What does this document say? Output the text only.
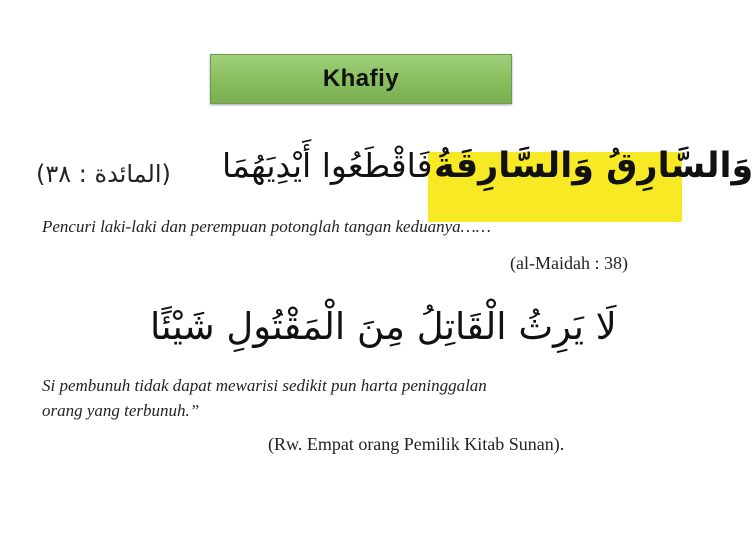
Khafiy
(المائدة : ٣٨) فَاقْطَعُوا أَيْدِيَهُمَا وَالسَّارِقُ وَالسَّارِقَةُ
Pencuri laki-laki dan perempuan potonglah tangan keduanya……
(al-Maidah : 38)
لَا يَرِثُ الْقَاتِلُ مِنَ الْمَقْتُولِ شَيْئًا
Si pembunuh tidak dapat mewarisi sedikit pun harta peninggalan
orang yang terbunuh.”
(Rw. Empat orang Pemilik Kitab Sunan).
